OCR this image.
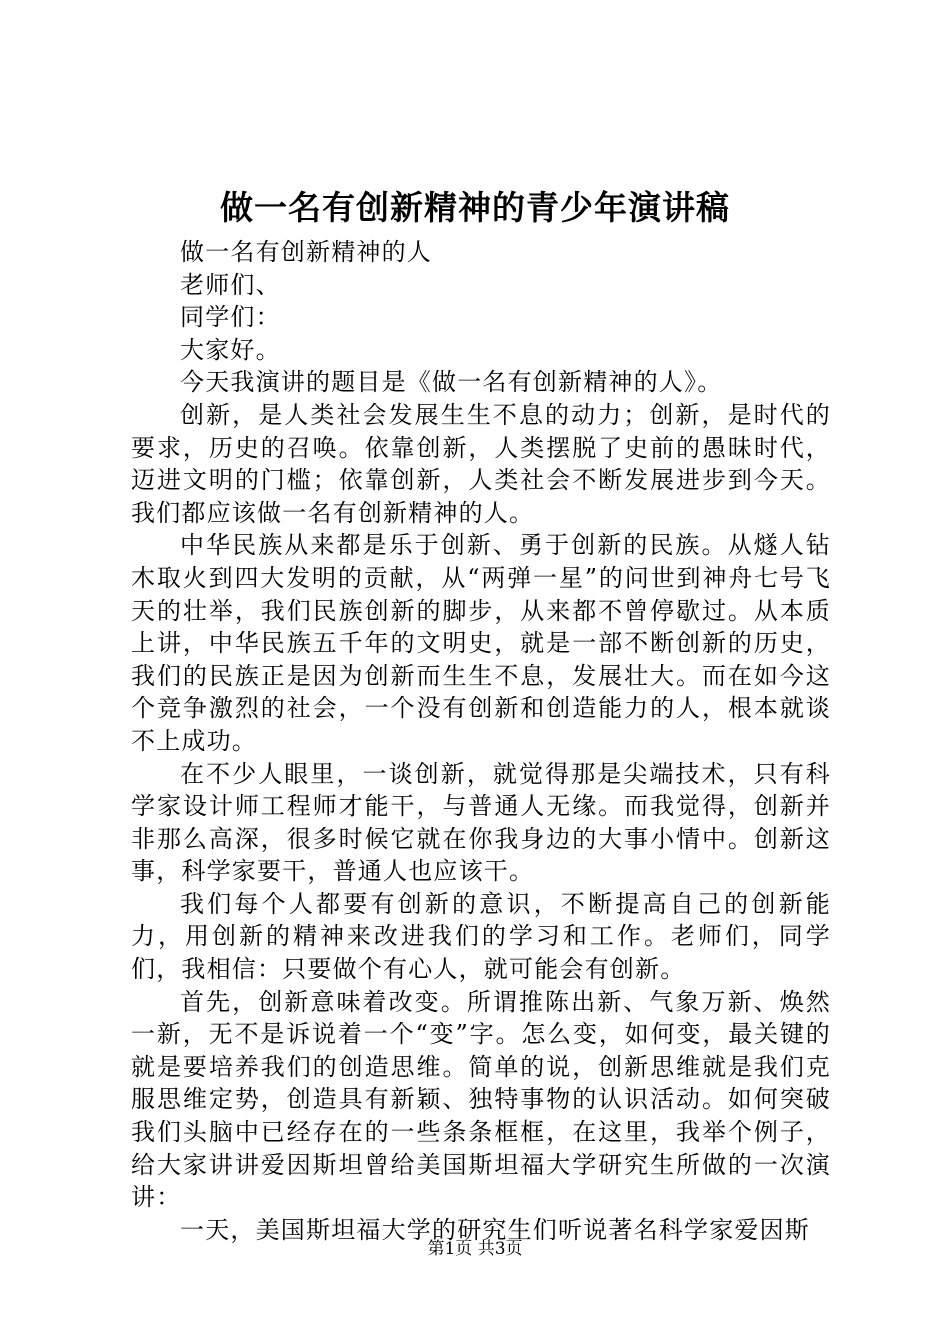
做一名有创新精神的青少年演讲稿

做一名有创新精神的人

老师们、

同学们：

大家好。

今天我演讲的题目是《做一名有创新精神的人》。

创新，是人类社会发展生生不息的动力；创新，是时代的要求，历史的召唤。依靠创新，人类摆脱了史前的愚昧时代，迈进文明的门槛；依靠创新，人类社会不断发展进步到今天。我们都应该做一名有创新精神的人。

中华民族从来都是乐于创新、勇于创新的民族。从燧人钻木取火到四大发明的贡献，从“两弹一星”的问世到神舟七号飞天的壮举，我们民族创新的脚步，从来都不曾停歇过。从本质上讲，中华民族五千年的文明史，就是一部不断创新的历史，我们的民族正是因为创新而生生不息，发展壮大。而在如今这个竞争激烈的社会，一个没有创新和创造能力的人，根本就谈不上成功。

在不少人眼里，一谈创新，就觉得那是尖端技术，只有科学家设计师工程师才能干，与普通人无缘。而我觉得，创新并非那么高深，很多时候它就在你我身边的大事小情中。创新这事，科学家要干，普通人也应该干。

我们每个人都要有创新的意识，不断提高自己的创新能力，用创新的精神来改进我们的学习和工作。老师们，同学们，我相信：只要做个有心人，就可能会有创新。

首先，创新意味着改变。所谓推陈出新、气象万新、焕然一新，无不是诉说着一个“变”字。怎么变，如何变，最关键的就是要培养我们的创造思维。简单的说，创新思维就是我们克服思维定势，创造具有新颖、独特事物的认识活动。如何突破我们头脑中已经存在的一些条条框框，在这里，我举个例子，给大家讲讲爱因斯坦曾给美国斯坦福大学研究生所做的一次演讲：

一天，美国斯坦福大学的研究生们听说著名科学家爱因斯

第1页 共3页
